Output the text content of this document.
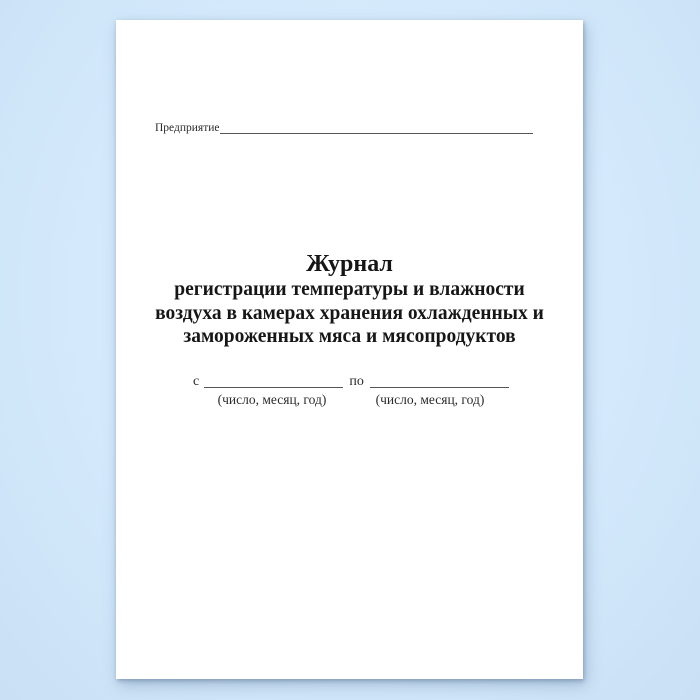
Предприятие
Журнал
регистрации температуры и влажности
воздуха в камерах хранения охлажденных и
замороженных мяса и мясопродуктов
с	по
(число, месяц, год)	(число, месяц, год)
